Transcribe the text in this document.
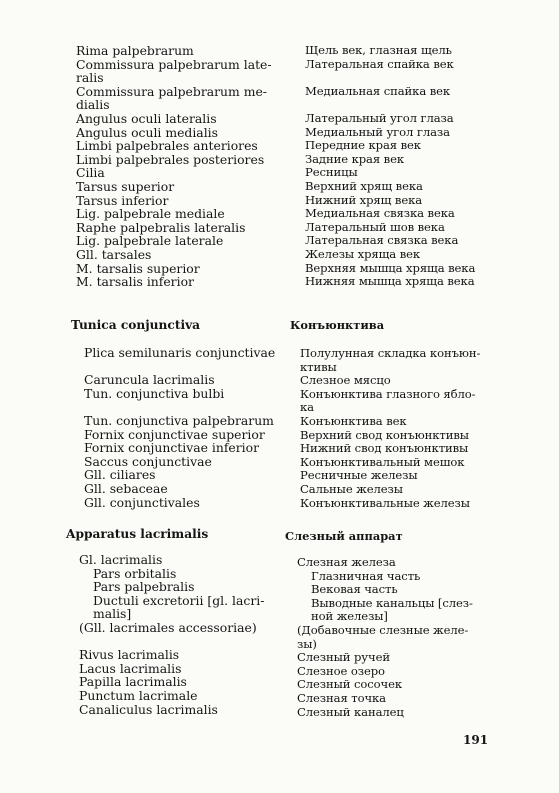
Rima palpebrarum
Commissura palpebrarum late-
ralis
Commissura palpebrarum me-
dialis
Angulus oculi lateralis
Angulus oculi medialis
Limbi palpebrales anteriores
Limbi palpebrales posteriores
Cilia
Tarsus superior
Tarsus inferior
Lig. palpebrale mediale
Raphe palpebralis lateralis
Lig. palpebrale laterale
Gll. tarsales
M. tarsalis superior
M. tarsalis inferior
Щель век, глазная щель
Латеральная спайка век

Медиальная спайка век

Латеральный угол глаза
Медиальный угол глаза
Передние края век
Задние края век
Ресницы
Верхний хрящ века
Нижний хрящ века
Медиальная связка века
Латеральный шов века
Латеральная связка века
Железы хряща век
Верхняя мышца хряща века
Нижняя мышца хряща века
Tunica conjunctiva	Конъюнктива
Plica semilunaris conjunctivae

Caruncula lacrimalis
Tun. conjunctiva bulbi

Tun. conjunctiva palpebrarum
Fornix conjunctivae superior
Fornix conjunctivae inferior
Saccus conjunctivae
Gll. ciliares
Gll. sebaceae
Gll. conjunctivales
Полулунная складка конъюн-
ктивы
Слезное мясцо
Конъюнктива глазного ябло-
ка
Конъюнктива век
Верхний свод конъюнктивы
Нижний свод конъюнктивы
Конъюнктивальный мешок
Ресничные железы
Сальные железы
Конъюнктивальные железы
Apparatus lacrimalis	Слезный аппарат
Gl. lacrimalis
Pars orbitalis
Pars palpebralis
Ductuli excretorii [gl. lacri-
malis]
(Gll. lacrimales accessoriae)

Rivus lacrimalis
Lacus lacrimalis
Papilla lacrimalis
Punctum lacrimale
Canaliculus lacrimalis
Слезная железа
Глазничная часть
Вековая часть
Выводные канальцы [слез-
ной железы]
(Добавочные слезные желе-
зы)
Слезный ручей
Слезное озеро
Слезный сосочек
Слезная точка
Слезный каналец
191
